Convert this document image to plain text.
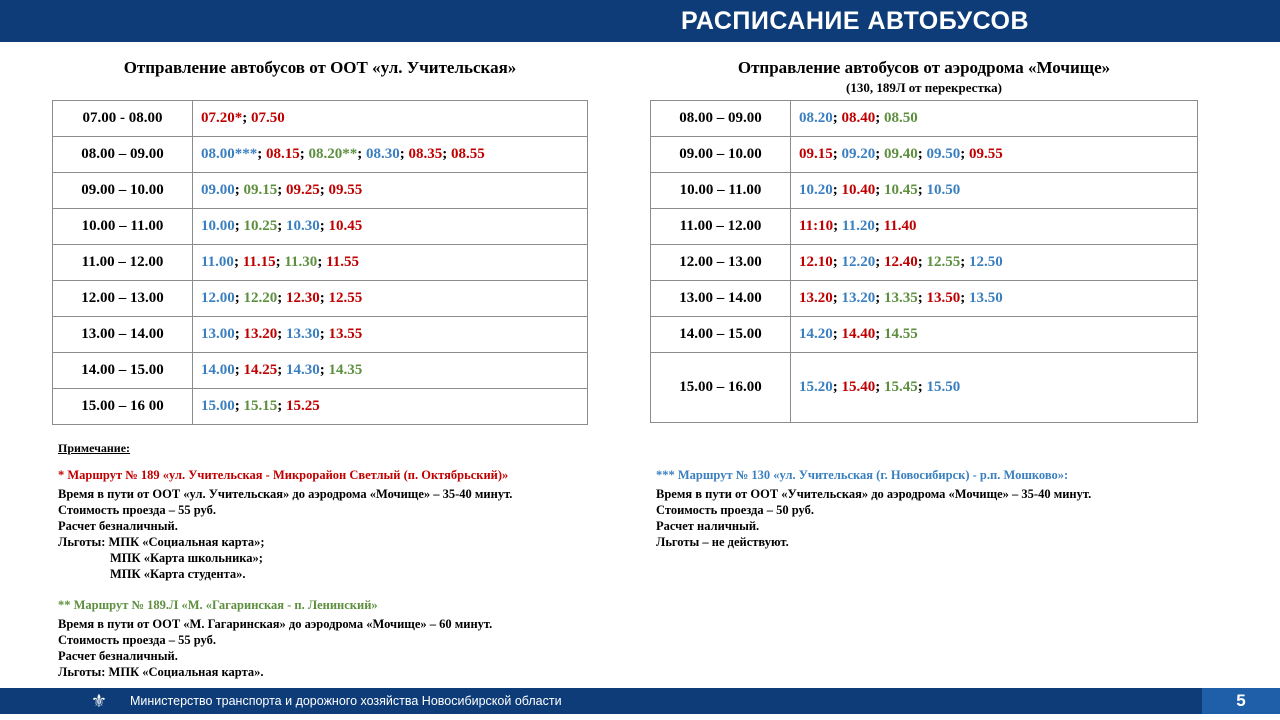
РАСПИСАНИЕ АВТОБУСОВ
Отправление автобусов от ООТ «ул. Учительская»	Отправление автобусов от аэродрома «Мочище»
(130, 189Л от перекрестка)
07.00 - 08.00	07.20*; 07.50
08.00 – 09.00	08.00***; 08.15; 08.20**; 08.30; 08.35; 08.55
09.00 – 10.00	09.00; 09.15; 09.25; 09.55
10.00 – 11.00	10.00; 10.25; 10.30; 10.45
11.00 – 12.00	11.00; 11.15; 11.30; 11.55
12.00 – 13.00	12.00; 12.20; 12.30; 12.55
13.00 – 14.00	13.00; 13.20; 13.30; 13.55
14.00 – 15.00	14.00; 14.25; 14.30; 14.35
15.00 – 16 00	15.00; 15.15; 15.25
08.00 – 09.00	08.20; 08.40; 08.50
09.00 – 10.00	09.15; 09.20; 09.40; 09.50; 09.55
10.00 – 11.00	10.20; 10.40; 10.45; 10.50
11.00 – 12.00	11:10; 11.20; 11.40
12.00 – 13.00	12.10; 12.20; 12.40; 12.55; 12.50
13.00 – 14.00	13.20; 13.20; 13.35; 13.50; 13.50
14.00 – 15.00	14.20; 14.40; 14.55
15.00 – 16.00	15.20; 15.40; 15.45; 15.50
Примечание:
* Маршрут № 189 «ул. Учительская - Микрорайон Светлый (п. Октябрьский)»
Время в пути от ООТ «ул. Учительская» до аэродрома «Мочище» – 35-40 минут.
Стоимость проезда – 55 руб.
Расчет безналичный.
Льготы: МПК «Социальная карта»;
МПК «Карта школьника»;
МПК «Карта студента».
** Маршрут № 189.Л «М. «Гагаринская - п. Ленинский»
Время в пути от ООТ «М. Гагаринская» до аэродрома «Мочище» – 60 минут.
Стоимость проезда – 55 руб.
Расчет безналичный.
Льготы: МПК «Социальная карта».
*** Маршрут № 130 «ул. Учительская (г. Новосибирск) - р.п. Мошково»:
Время в пути от ООТ «Учительская» до аэродрома «Мочище» – 35-40 минут.
Стоимость проезда – 50 руб.
Расчет наличный.
Льготы – не действуют.
⚜ Министерство транспорта и дорожного хозяйства Новосибирской области	5
